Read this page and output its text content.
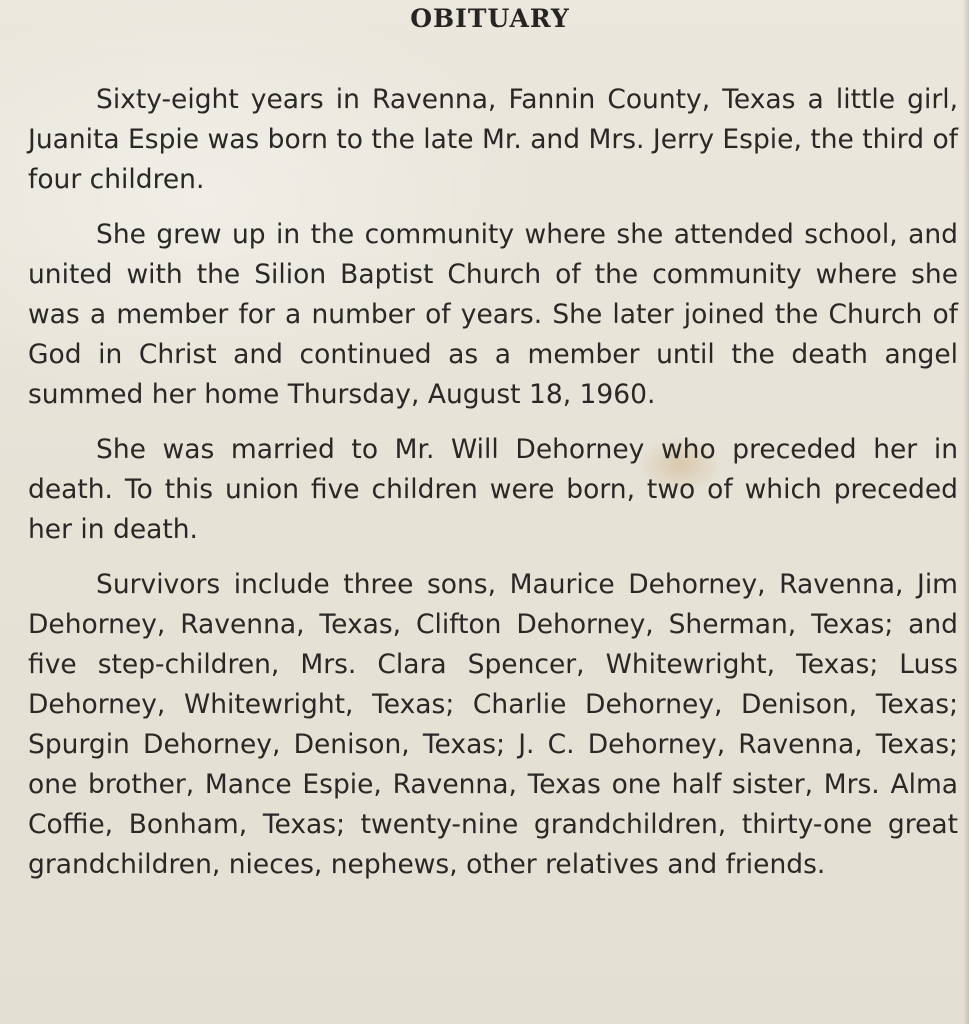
OBITUARY

Sixty-eight years in Ravenna, Fannin County, Texas a little girl, Juanita Espie was born to the late Mr. and Mrs. Jerry Espie, the third of four children.

She grew up in the community where she attended school, and united with the Silion Baptist Church of the community where she was a member for a number of years. She later joined the Church of God in Christ and continued as a member until the death angel summed her home Thursday, August 18, 1960.

She was married to Mr. Will Dehorney who preceded her in death. To this union five children were born, two of which preceded her in death.

Survivors include three sons, Maurice Dehorney, Ravenna, Jim Dehorney, Ravenna, Texas, Clifton Dehorney, Sherman, Texas; and five step-children, Mrs. Clara Spencer, Whitewright, Texas; Luss Dehorney, Whitewright, Texas; Charlie Dehorney, Denison, Texas; Spurgin Dehorney, Denison, Texas; J. C. Dehorney, Ravenna, Texas; one brother, Mance Espie, Ravenna, Texas one half sister, Mrs. Alma Coffie, Bonham, Texas; twenty-nine grandchildren, thirty-one great grandchildren, nieces, nephews, other relatives and friends.
